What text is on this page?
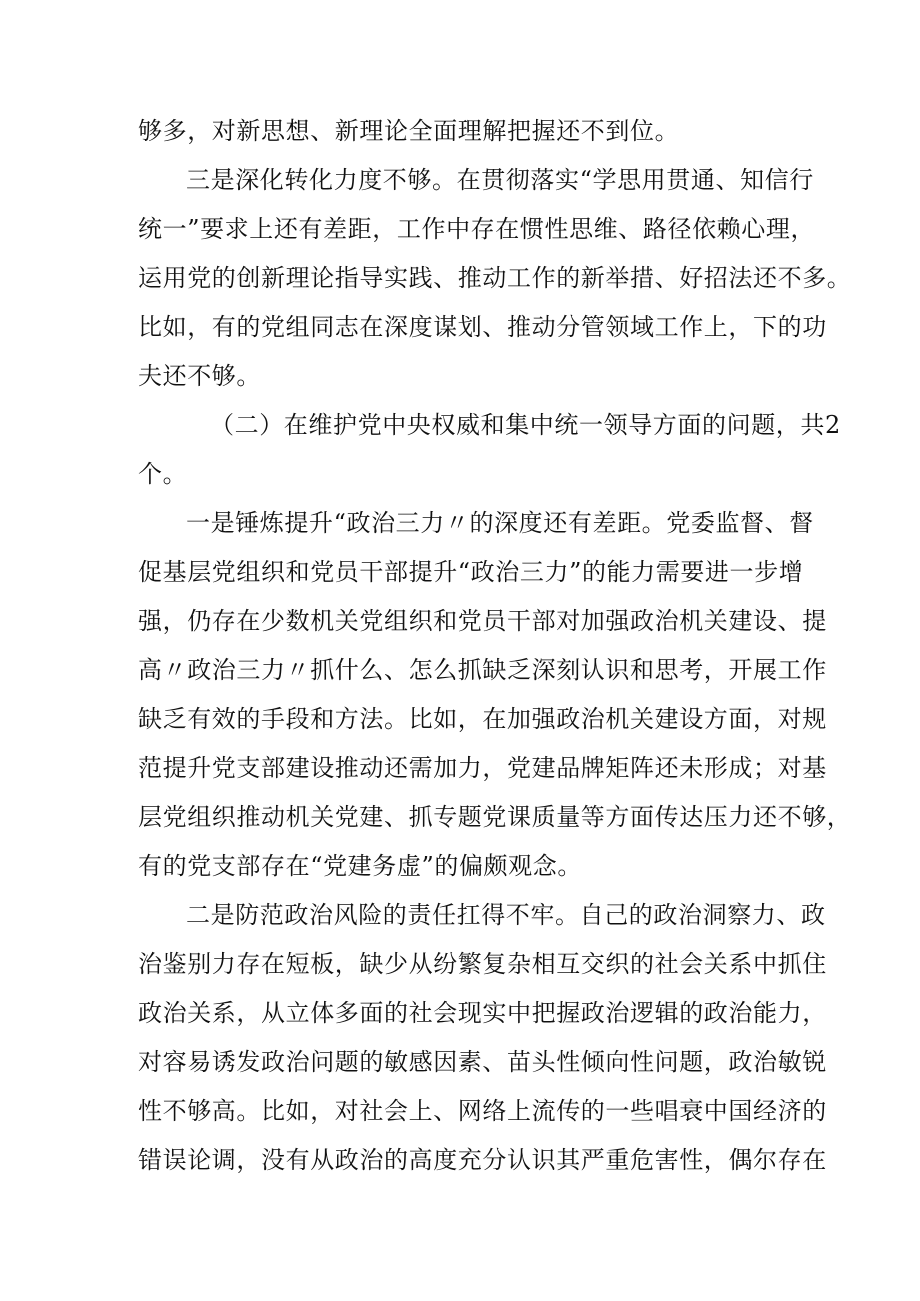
够多，对新思想、新理论全面理解把握还不到位。
三是深化转化力度不够。在贯彻落实“学思用贯通、知信行
统一”要求上还有差距，工作中存在惯性思维、路径依赖心理，
运用党的创新理论指导实践、推动工作的新举措、好招法还不多。
比如，有的党组同志在深度谋划、推动分管领域工作上，下的功
夫还不够。
（二）在维护党中央权威和集中统一领导方面的问题，共2
个。
一是锤炼提升“政治三力〃的深度还有差距。党委监督、督
促基层党组织和党员干部提升“政治三力”的能力需要进一步增
强，仍存在少数机关党组织和党员干部对加强政治机关建设、提
高〃政治三力〃抓什么、怎么抓缺乏深刻认识和思考，开展工作
缺乏有效的手段和方法。比如，在加强政治机关建设方面，对规
范提升党支部建设推动还需加力，党建品牌矩阵还未形成；对基
层党组织推动机关党建、抓专题党课质量等方面传达压力还不够，
有的党支部存在“党建务虚”的偏颇观念。
二是防范政治风险的责任扛得不牢。自己的政治洞察力、政
治鉴别力存在短板，缺少从纷繁复杂相互交织的社会关系中抓住
政治关系，从立体多面的社会现实中把握政治逻辑的政治能力，
对容易诱发政治问题的敏感因素、苗头性倾向性问题，政治敏锐
性不够高。比如，对社会上、网络上流传的一些唱衰中国经济的
错误论调，没有从政治的高度充分认识其严重危害性，偶尔存在
